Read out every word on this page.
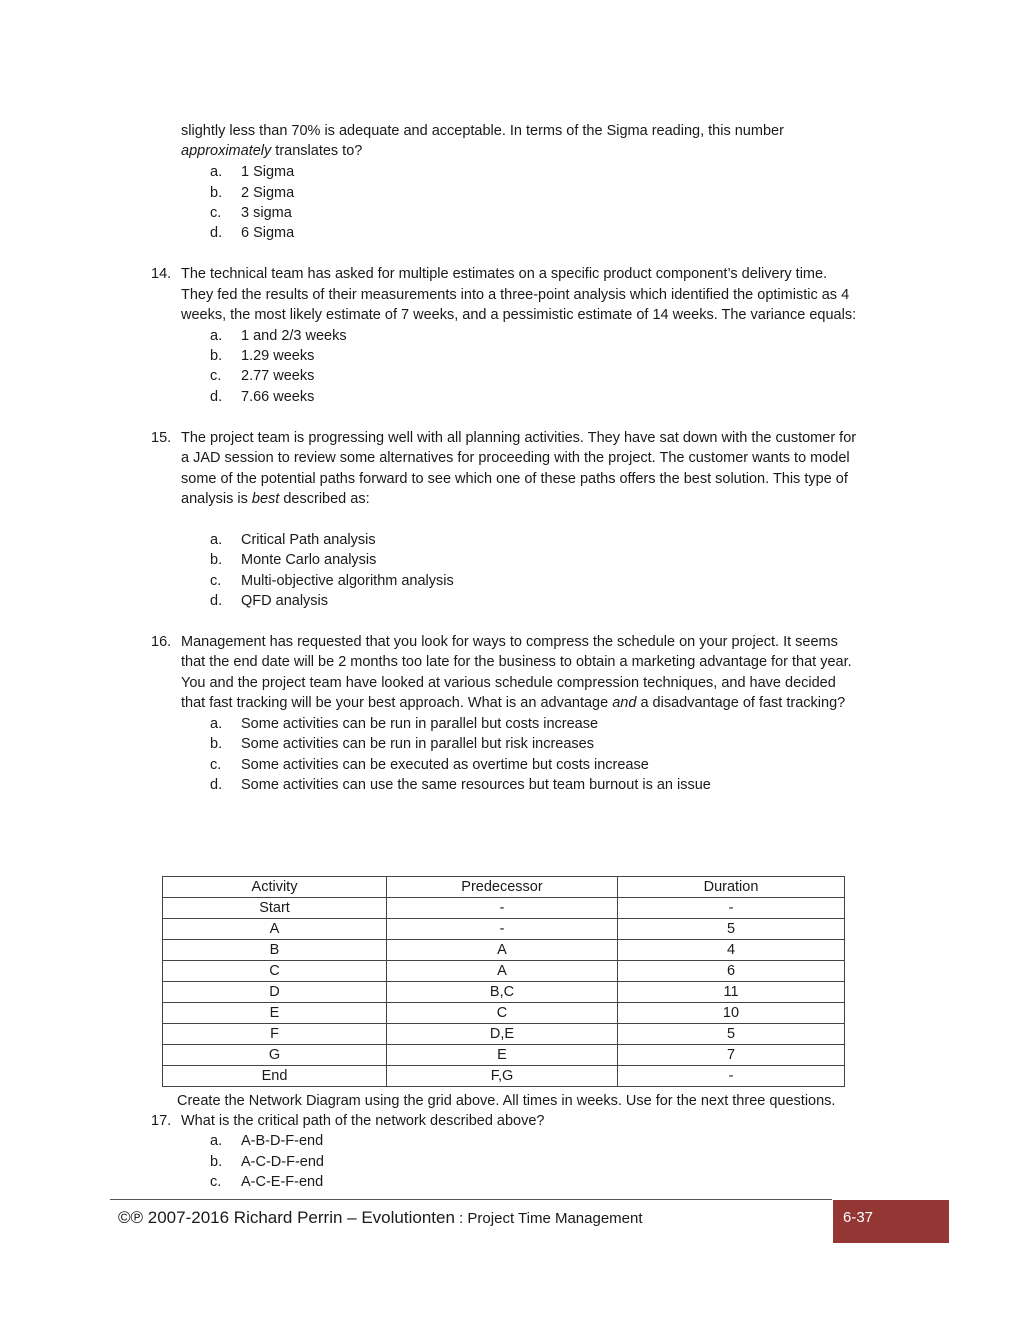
slightly less than 70% is adequate and acceptable. In terms of the Sigma reading, this number
approximately translates to?
a. 1 Sigma
b. 2 Sigma
c. 3 sigma
d. 6 Sigma
14. The technical team has asked for multiple estimates on a specific product component’s delivery time.
They fed the results of their measurements into a three-point analysis which identified the optimistic as 4
weeks, the most likely estimate of 7 weeks, and a pessimistic estimate of 14 weeks. The variance equals:
a. 1 and 2/3 weeks
b. 1.29 weeks
c. 2.77 weeks
d. 7.66 weeks
15. The project team is progressing well with all planning activities. They have sat down with the customer for
a JAD session to review some alternatives for proceeding with the project. The customer wants to model
some of the potential paths forward to see which one of these paths offers the best solution. This type of
analysis is best described as:
a. Critical Path analysis
b. Monte Carlo analysis
c. Multi-objective algorithm analysis
d. QFD analysis
16. Management has requested that you look for ways to compress the schedule on your project. It seems
that the end date will be 2 months too late for the business to obtain a marketing advantage for that year.
You and the project team have looked at various schedule compression techniques, and have decided
that fast tracking will be your best approach. What is an advantage and a disadvantage of fast tracking?
a. Some activities can be run in parallel but costs increase
b. Some activities can be run in parallel but risk increases
c. Some activities can be executed as overtime but costs increase
d. Some activities can use the same resources but team burnout is an issue
Activity	Predecessor	Duration
Start	-	-
A	-	5
B	A	4
C	A	6
D	B,C	11
E	C	10
F	D,E	5
G	E	7
End	F,G	-
Create the Network Diagram using the grid above. All times in weeks. Use for the next three questions.
17. What is the critical path of the network described above?
a. A-B-D-F-end
b. A-C-D-F-end
c. A-C-E-F-end
©℗ 2007-2016 Richard Perrin – Evolutionten : Project Time Management	6-37
